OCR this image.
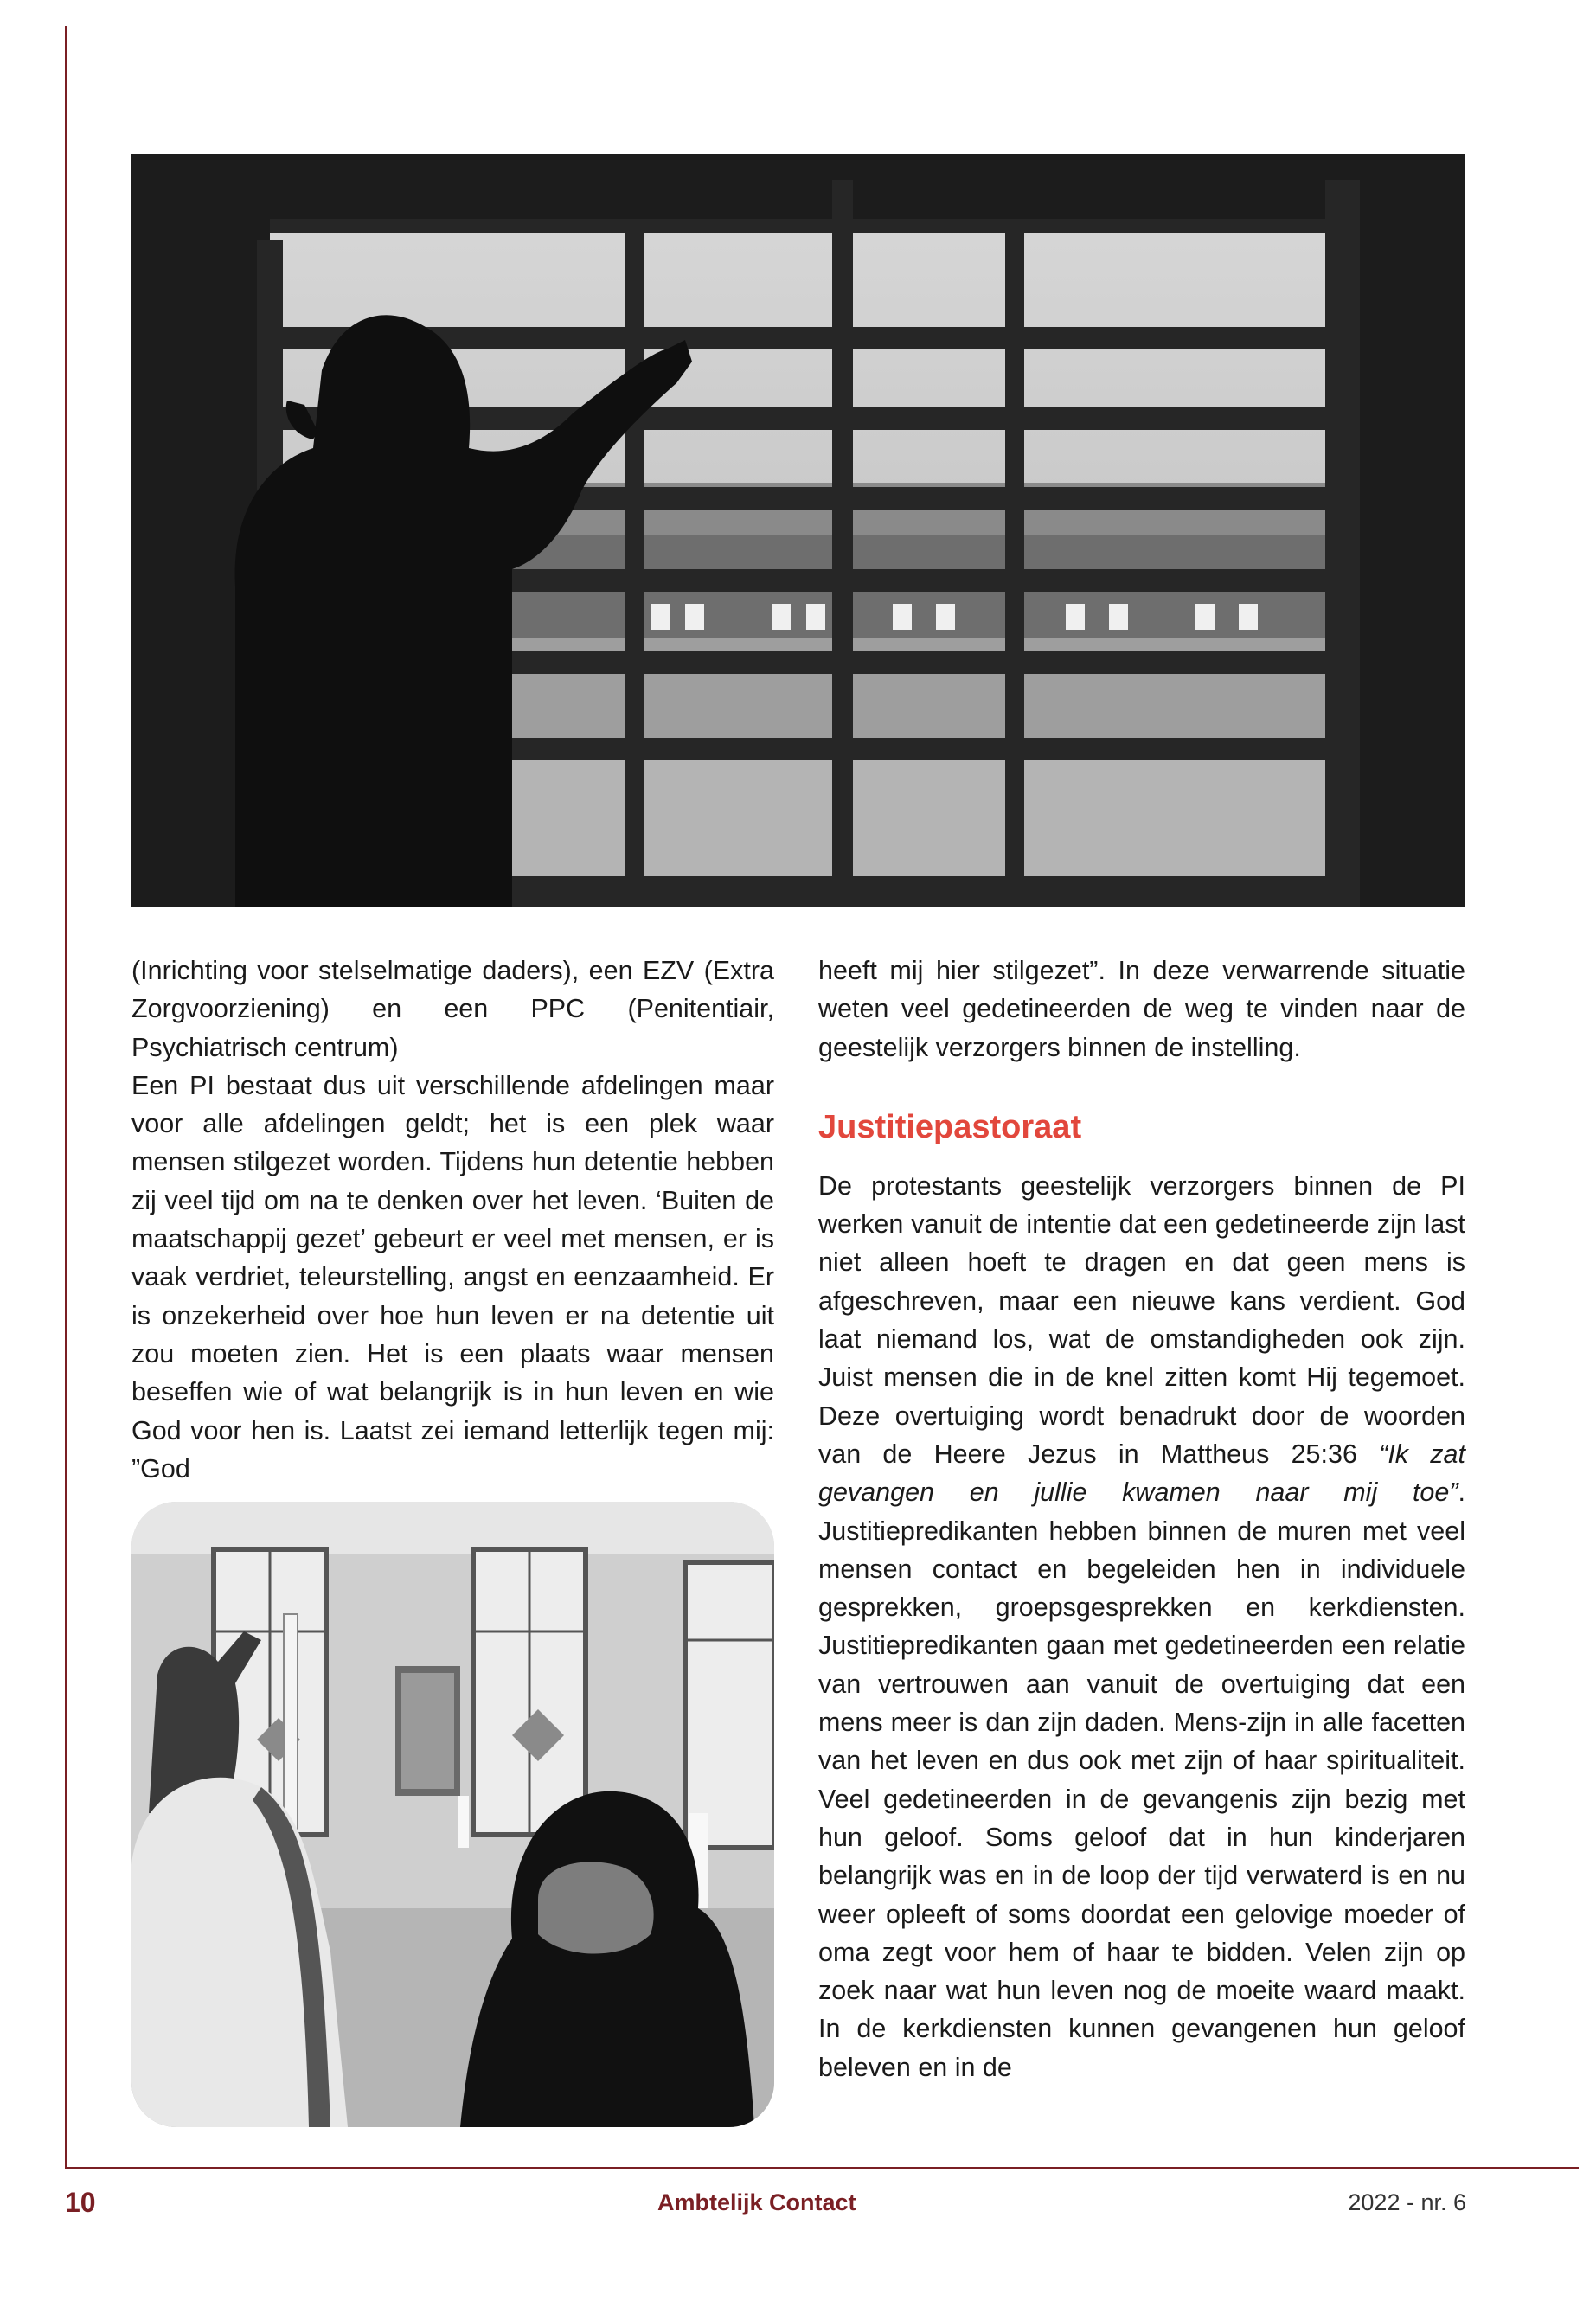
(Inrichting voor stelselmatige daders), een EZV (Extra Zorgvoorziening) en een PPC (Penitentiair, Psychiatrisch centrum)

Een PI bestaat dus uit verschillende afdelingen maar voor alle afdelingen geldt; het is een plek waar mensen stilgezet worden. Tijdens hun detentie hebben zij veel tijd om na te denken over het leven. ‘Buiten de maatschappij gezet’ gebeurt er veel met mensen, er is vaak verdriet, teleurstelling, angst en eenzaamheid. Er is onzekerheid over hoe hun leven er na detentie uit zou moeten zien. Het is een plaats waar mensen beseffen wie of wat belangrijk is in hun leven en wie God voor hen is. Laatst zei iemand letterlijk tegen mij: ”God

heeft mij hier stilgezet”. In deze verwarrende situatie weten veel gedetineerden de weg te vinden naar de geestelijk verzorgers binnen de instelling.

Justitiepastoraat

De protestants geestelijk verzorgers binnen de PI werken vanuit de intentie dat een gedetineerde zijn last niet alleen hoeft te dragen en dat geen mens is afgeschreven, maar een nieuwe kans verdient. God laat niemand los, wat de omstandigheden ook zijn. Juist mensen die in de knel zitten komt Hij tegemoet. Deze overtuiging wordt benadrukt door de woorden van de Heere Jezus in Mattheus 25:36 “Ik zat gevangen en jullie kwamen naar mij toe”. Justitiepredikanten hebben binnen de muren met veel mensen contact en begeleiden hen in individuele gesprekken, groepsgesprekken en kerkdiensten. Justitiepredikanten gaan met gedetineerden een relatie van vertrouwen aan vanuit de overtuiging dat een mens meer is dan zijn daden. Mens-zijn in alle facetten van het leven en dus ook met zijn of haar spiritualiteit. Veel gedetineerden in de gevangenis zijn bezig met hun geloof. Soms geloof dat in hun kinderjaren belangrijk was en in de loop der tijd verwaterd is en nu weer opleeft of soms doordat een gelovige moeder of oma zegt voor hem of haar te bidden. Velen zijn op zoek naar wat hun leven nog de moeite waard maakt. In de kerkdiensten kunnen gevangenen hun geloof beleven en in de

10	Ambtelijk Contact	2022 - nr. 6
